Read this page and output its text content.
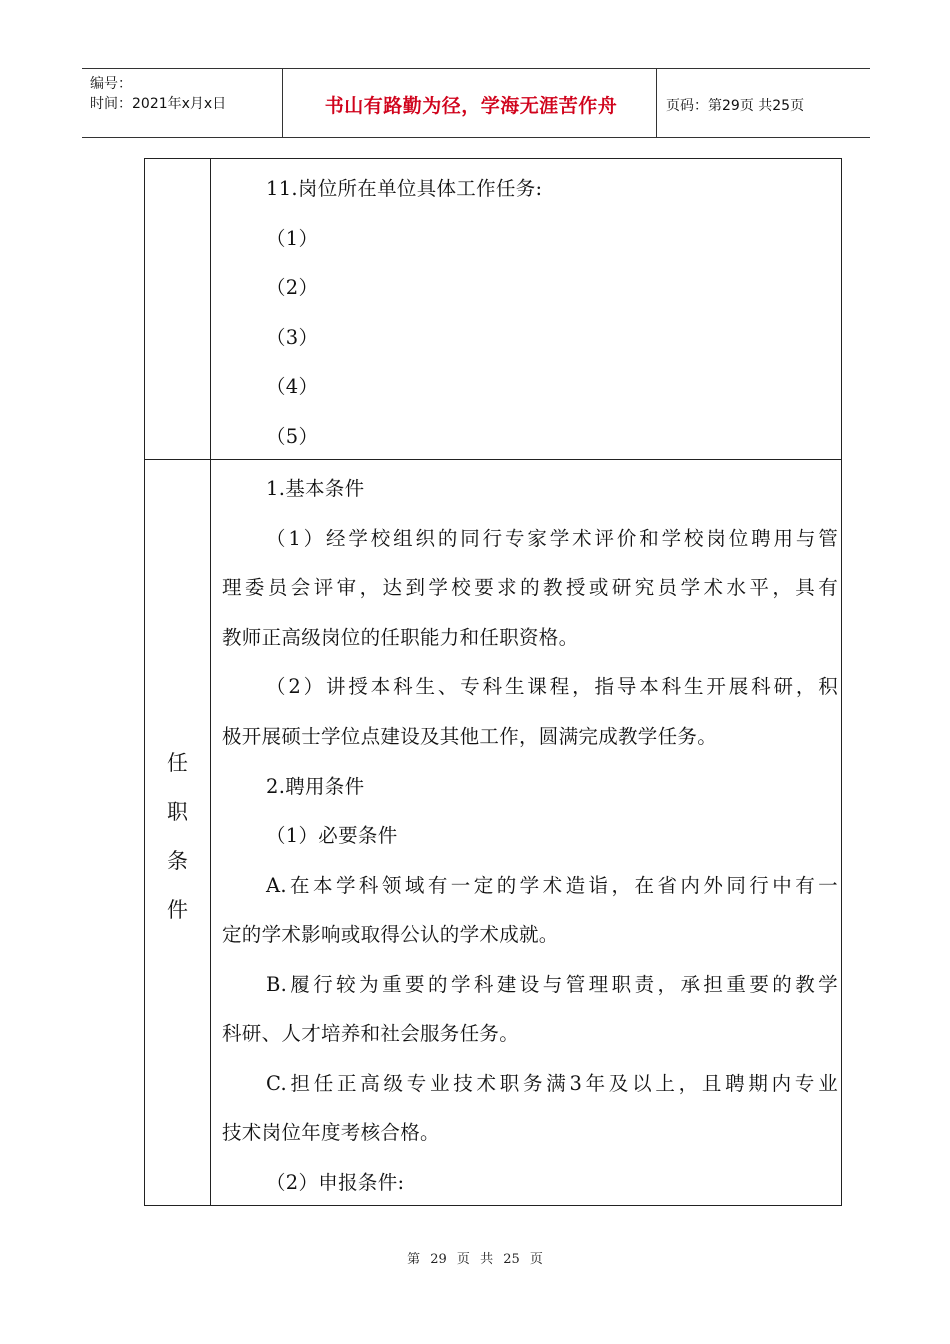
编号：
时间：2021年x月x日	书山有路勤为径，学海无涯苦作舟	页码：第29页 共25页
任
职
条
件
11.岗位所在单位具体工作任务:
（1）
（2）
（3）
（4）
（5）
1.基本条件
（1）经学校组织的同行专家学术评价和学校岗位聘用与管
理委员会评审，达到学校要求的教授或研究员学术水平，具有
教师正高级岗位的任职能力和任职资格。
（2）讲授本科生、专科生课程，指导本科生开展科研，积
极开展硕士学位点建设及其他工作，圆满完成教学任务。
2.聘用条件
（1）必要条件
A.在本学科领域有一定的学术造诣，在省内外同行中有一
定的学术影响或取得公认的学术成就。
B.履行较为重要的学科建设与管理职责，承担重要的教学
科研、人才培养和社会服务任务。
C.担任正高级专业技术职务满3年及以上，且聘期内专业
技术岗位年度考核合格。
（2）申报条件:
第 29 页 共 25 页
